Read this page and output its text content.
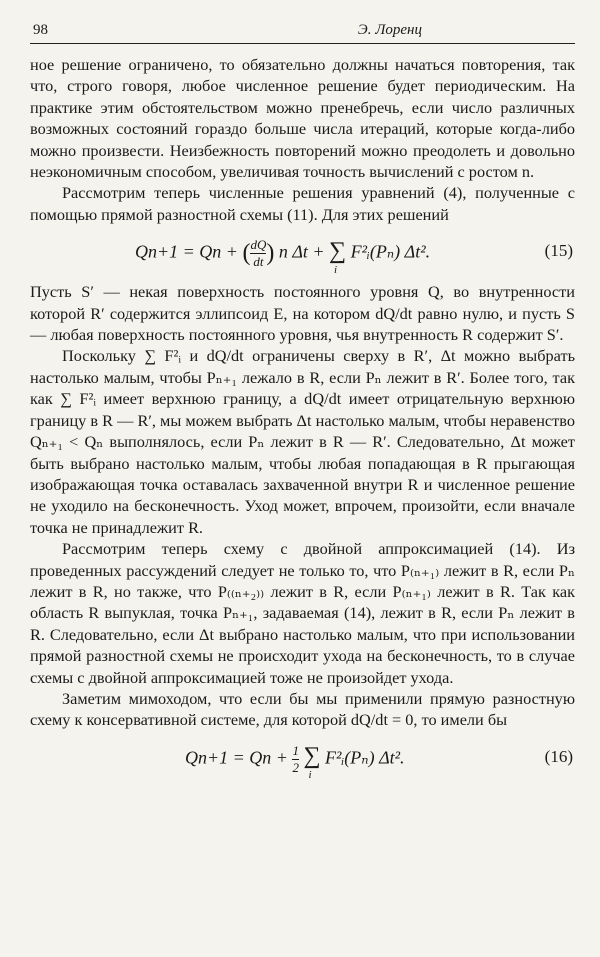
98	Э. Лоренц

ное решение ограничено, то обязательно должны начаться повторения, так что, строго говоря, любое численное решение будет периодическим. На практике этим обстоятельством можно пренебречь, если число различных возможных состояний гораздо больше числа итераций, которые когда-либо можно произвести. Неизбежность повторений можно преодолеть и довольно неэкономичным способом, увеличивая точность вычислений с ростом n.

Рассмотрим теперь численные решения уравнений (4), полученные с помощью прямой разностной схемы (11). Для этих решений

Qn+1 = Qn + ( $\frac{dQ}{dt}$ ) n Δt + ∑
i
F²ᵢ(Pₙ) Δt².	(15)

Пусть S′ — некая поверхность постоянного уровня Q, во внутренности которой R′ содержится эллипсоид E, на котором dQ/dt равно нулю, и пусть S — любая поверхность постоянного уровня, чья внутренность R содержит S′.

Поскольку ∑ F²ᵢ и dQ/dt ограничены сверху в R′, Δt можно выбрать настолько малым, чтобы Pₙ₊₁ лежало в R, если Pₙ лежит в R′. Более того, так как ∑ F²ᵢ имеет верхнюю границу, а dQ/dt имеет отрицательную верхнюю границу в R — R′, мы можем выбрать Δt настолько малым, чтобы неравенство Qₙ₊₁ < Qₙ выполнялось, если Pₙ лежит в R — R′. Следовательно, Δt может быть выбрано настолько малым, чтобы любая попадающая в R прыгающая изображающая точка оставалась захваченной внутри R и численное решение не уходило на бесконечность. Уход может, впрочем, произойти, если вначале точка не принадлежит R.

Рассмотрим теперь схему с двойной аппроксимацией (14). Из проведенных рассуждений следует не только то, что P₍ₙ₊₁₎ лежит в R, если Pₙ лежит в R, но также, что P₍₍ₙ₊₂₎₎ лежит в R, если P₍ₙ₊₁₎ лежит в R. Так как область R выпуклая, точка Pₙ₊₁, задаваемая (14), лежит в R, если Pₙ лежит в R. Следовательно, если Δt выбрано настолько малым, что при использовании прямой разностной схемы не происходит ухода на бесконечность, то в случае схемы с двойной аппроксимацией тоже не произойдет ухода.

Заметим мимоходом, что если бы мы применили прямую разностную схему к консервативной системе, для которой dQ/dt = 0, то имели бы

$Qn+1 = Qn + \frac{1}{2}$ ∑
i
F²ᵢ(Pₙ) Δt².	(16)
